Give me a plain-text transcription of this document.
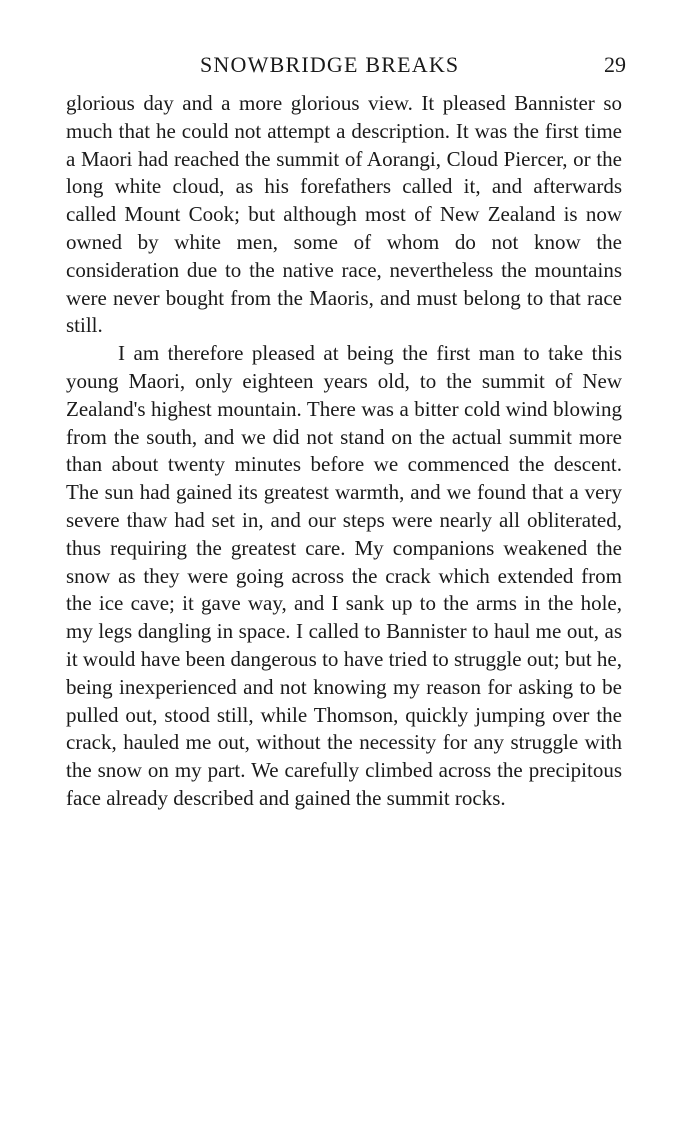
SNOWBRIDGE BREAKS	29

glorious day and a more glorious view. It pleased Bannister so much that he could not attempt a description. It was the first time a Maori had reached the summit of Aorangi, Cloud Piercer, or the long white cloud, as his forefathers called it, and afterwards called Mount Cook; but although most of New Zealand is now owned by white men, some of whom do not know the consideration due to the native race, nevertheless the mountains were never bought from the Maoris, and must belong to that race still.

I am therefore pleased at being the first man to take this young Maori, only eighteen years old, to the summit of New Zealand's highest mountain. There was a bitter cold wind blowing from the south, and we did not stand on the actual summit more than about twenty minutes before we commenced the descent. The sun had gained its greatest warmth, and we found that a very severe thaw had set in, and our steps were nearly all obliterated, thus requiring the greatest care. My companions weakened the snow as they were going across the crack which extended from the ice cave; it gave way, and I sank up to the arms in the hole, my legs dangling in space. I called to Bannister to haul me out, as it would have been dangerous to have tried to struggle out; but he, being inexperienced and not knowing my reason for asking to be pulled out, stood still, while Thomson, quickly jumping over the crack, hauled me out, without the necessity for any struggle with the snow on my part. We carefully climbed across the precipitous face already described and gained the summit rocks.
